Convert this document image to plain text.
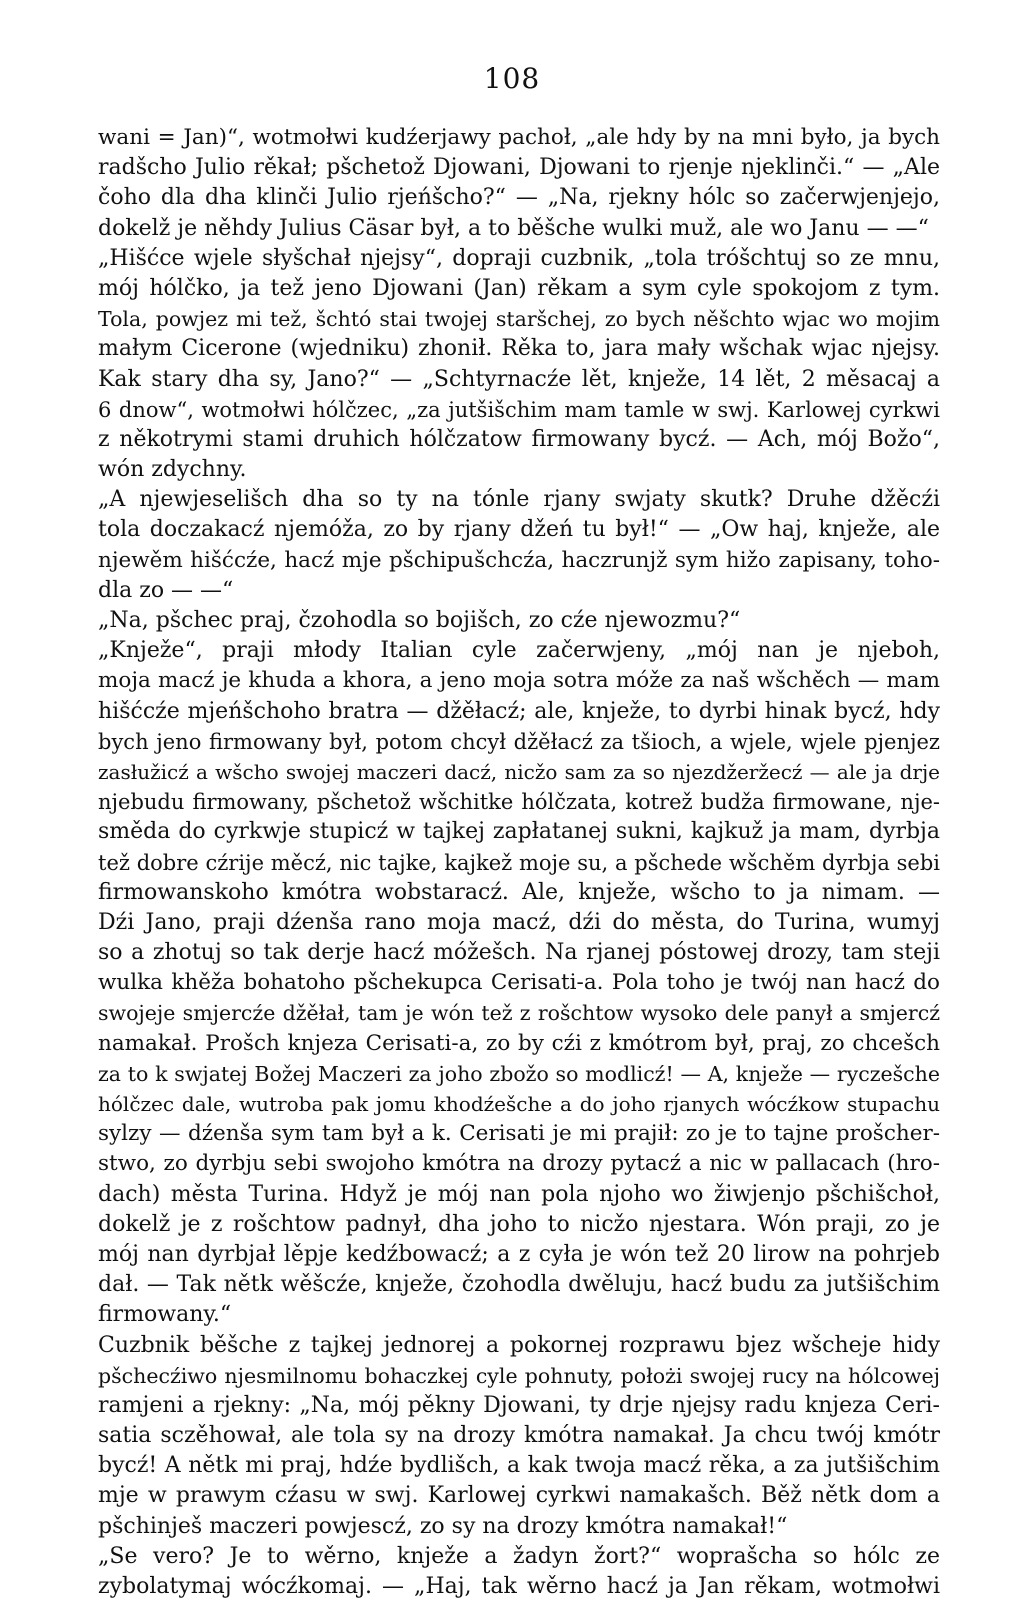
108
wani = Jan)“, wotmołwi kudźerjawy pachoł, „ale hdy by na mni było, ja bych
radšcho Julio rěkał; pšchetož Djowani, Djowani to rjenje njeklinči.“ — „Ale
čoho dla dha klinči Julio rjeńšcho?“ — „Na, rjekny hólc so začerwjenjejo,
dokelž je něhdy Julius Cäsar był, a to běšche wulki muž, ale wo Janu — —“
„Hišćce wjele słyšchał njejsy“, dopraji cuzbnik, „tola tróšchtuj so ze mnu,
mój hólčko, ja tež jeno Djowani (Jan) rěkam a sym cyle spokojom z tym.
Tola, powjez mi tež, šchtó stai twojej staršchej, zo bych něšchto wjac wo mojim
małym Cicerone (wjedniku) zhonił. Rěka to, jara mały wšchak wjac njejsy.
Kak stary dha sy, Jano?“ — „Schtyrnacźe lět, knježe, 14 lět, 2 měsacaj a
6 dnow“, wotmołwi hólčzec, „za jutšišchim mam tamle w swj. Karlowej cyrkwi
z někotrymi stami druhich hólčzatow firmowany bycź. — Ach, mój Božo“,
wón zdychny.
„A njewjeselišch dha so ty na tónle rjany swjaty skutk? Druhe džěcźi
tola doczakacź njemóža, zo by rjany džeń tu był!“ — „Ow haj, knježe, ale
njewěm hišćcźe, hacź mje pšchipušchcźa, haczrunjž sym hižo zapisany, toho-
dla zo — —“
„Na, pšchec praj, čzohodla so bojišch, zo cźe njewozmu?“
„Knježe“, praji młody Italian cyle začerwjeny, „mój nan je njeboh,
moja macź je khuda a khora, a jeno moja sotra móže za naš wšchěch — mam
hišćcźe mjeńšchoho bratra — džěłacź; ale, knježe, to dyrbi hinak bycź, hdy
bych jeno firmowany był, potom chcył džěłacź za tšioch, a wjele, wjele pjenjez
zasłužicź a wšcho swojej maczeri dacź, nicžo sam za so njezdžeržecź — ale ja drje
njebudu firmowany, pšchetož wšchitke hólčzata, kotrež budža firmowane, nje-
směda do cyrkwje stupicź w tajkej zapłatanej sukni, kajkuž ja mam, dyrbja
tež dobre cźrije měcź, nic tajke, kajkež moje su, a pšchede wšchěm dyrbja sebi
firmowanskoho kmótra wobstaracź. Ale, knježe, wšcho to ja nimam. —
Dźi Jano, praji dźenša rano moja macź, dźi do města, do Turina, wumyj
so a zhotuj so tak derje hacź móžešch. Na rjanej póstowej drozy, tam steji
wulka khěža bohatoho pšchekupca Cerisati-a. Pola toho je twój nan hacź do
swojeje smjercźe džěłał, tam je wón tež z rošchtow wysoko dele panył a smjercź
namakał. Prošch knjeza Cerisati-a, zo by cźi z kmótrom był, praj, zo chcešch
za to k swjatej Božej Maczeri za joho zbožo so modlicź! — A, knježe — ryczešche
hólčzec dale, wutroba pak jomu khodźešche a do joho rjanych wócźkow stupachu
sylzy — dźenša sym tam był a k. Cerisati je mi prajił: zo je to tajne prošcher-
stwo, zo dyrbju sebi swojoho kmótra na drozy pytacź a nic w pallacach (hro-
dach) města Turina. Hdyž je mój nan pola njoho wo žiwjenjo pšchišchoł,
dokelž je z rošchtow padnył, dha joho to nicžo njestara. Wón praji, zo je
mój nan dyrbjał lěpje kedźbowacź; a z cyła je wón tež 20 lirow na pohrjeb
dał. — Tak nětk wěšcźe, knježe, čzohodla dwěluju, hacź budu za jutšišchim
firmowany.“
Cuzbnik běšche z tajkej jednorej a pokornej rozprawu bjez wšcheje hidy
pšchecźiwo njesmilnomu bohaczkej cyle pohnuty, położi swojej rucy na hólcowej
ramjeni a rjekny: „Na, mój pěkny Djowani, ty drje njejsy radu knjeza Ceri-
satia sczěhował, ale tola sy na drozy kmótra namakał. Ja chcu twój kmótr
bycź! A nětk mi praj, hdźe bydlišch, a kak twoja macź rěka, a za jutšišchim
mje w prawym cźasu w swj. Karlowej cyrkwi namakašch. Běž nětk dom a
pšchinješ maczeri powjescź, zo sy na drozy kmótra namakał!“
„Se vero? Je to wěrno, knježe a žadyn žort?“ woprašcha so hólc ze
zybolatymaj wócźkomaj. — „Haj, tak wěrno hacź ja Jan rěkam, wotmołwi
